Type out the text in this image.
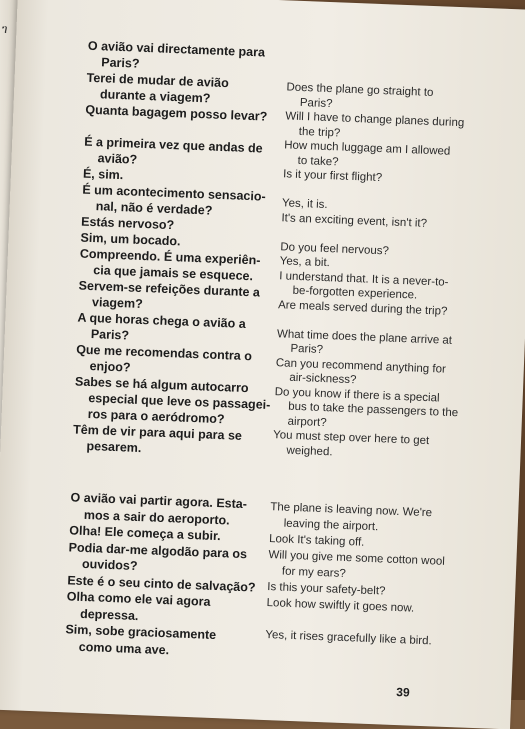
ገ
O avião vai directamente para
Paris?
Terei de mudar de avião
durante a viagem?
Quanta bagagem posso levar?
É a primeira vez que andas de
avião?
É, sim.
É um acontecimento sensacio-
nal, não é verdade?
Estás nervoso?
Sim, um bocado.
Compreendo. É uma experiên-
cia que jamais se esquece.
Servem-se refeições durante a
viagem?
A que horas chega o avião a
Paris?
Que me recomendas contra o
enjoo?
Sabes se há algum autocarro
especial que leve os passagei-
ros para o aeródromo?
Têm de vir para aqui para se
pesarem.
Does the plane go straight to
Paris?
Will I have to change planes during
the trip?
How much luggage am I allowed
to take?
Is it your first flight?
Yes, it is.
It's an exciting event, isn't it?
Do you feel nervous?
Yes, a bit.
I understand that. It is a never-to-
be-forgotten experience.
Are meals served during the trip?
What time does the plane arrive at
Paris?
Can you recommend anything for
air-sickness?
Do you know if there is a special
bus to take the passengers to the
airport?
You must step over here to get
weighed.
O avião vai partir agora. Esta-
mos a sair do aeroporto.
Olha! Ele começa a subir.
Podia dar-me algodão para os
ouvidos?
Este é o seu cinto de salvação?
Olha como ele vai agora
depressa.
Sim, sobe graciosamente
como uma ave.
The plane is leaving now. We're
leaving the airport.
Look It's taking off.
Will you give me some cotton wool
for my ears?
Is this your safety-belt?
Look how swiftly it goes now.
Yes, it rises gracefully like a bird.
39
